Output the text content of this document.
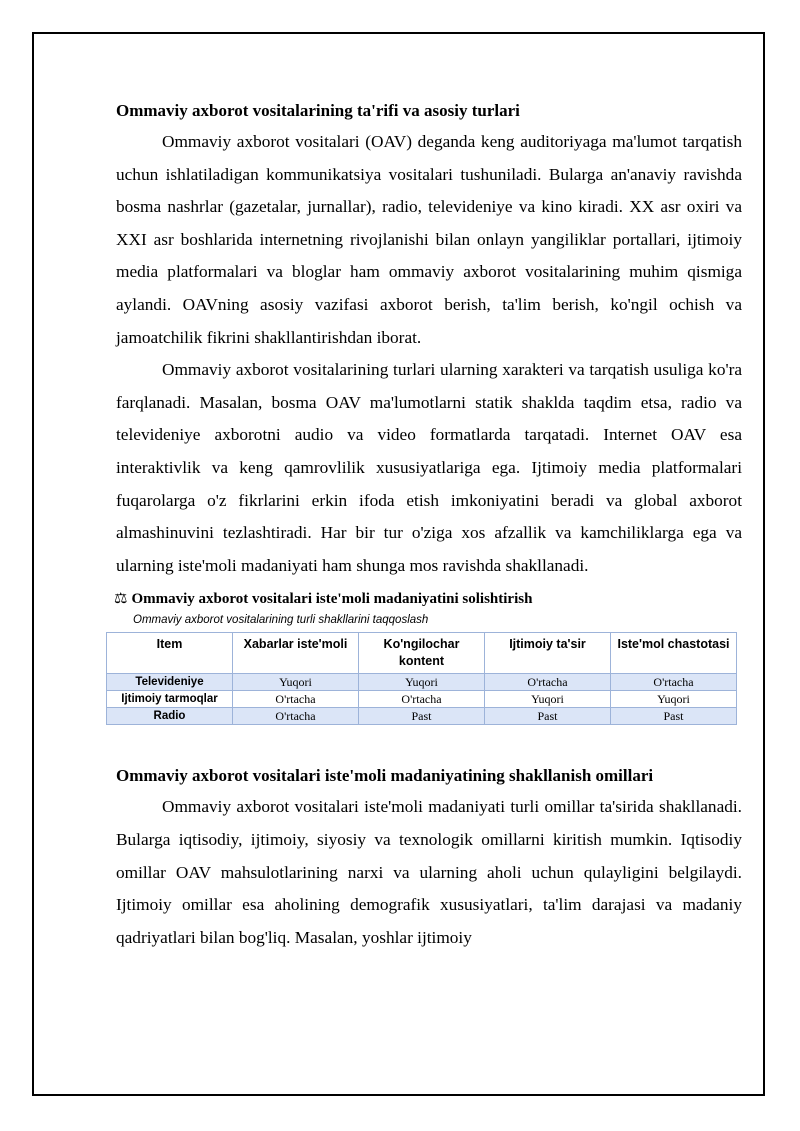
Ommaviy axborot vositalarining ta'rifi va asosiy turlari

Ommaviy axborot vositalari (OAV) deganda keng auditoriyaga ma'lumot tarqatish uchun ishlatiladigan kommunikatsiya vositalari tushuniladi. Bularga an'anaviy ravishda bosma nashrlar (gazetalar, jurnallar), radio, televideniye va kino kiradi. XX asr oxiri va XXI asr boshlarida internetning rivojlanishi bilan onlayn yangiliklar portallari, ijtimoiy media platformalari va bloglar ham ommaviy axborot vositalarining muhim qismiga aylandi. OAVning asosiy vazifasi axborot berish, ta'lim berish, ko'ngil ochish va jamoatchilik fikrini shakllantirishdan iborat.

Ommaviy axborot vositalarining turlari ularning xarakteri va tarqatish usuliga ko'ra farqlanadi. Masalan, bosma OAV ma'lumotlarni statik shaklda taqdim etsa, radio va televideniye axborotni audio va video formatlarda tarqatadi. Internet OAV esa interaktivlik va keng qamrovlilik xususiyatlariga ega. Ijtimoiy media platformalari fuqarolarga o'z fikrlarini erkin ifoda etish imkoniyatini beradi va global axborot almashinuvini tezlashtiradi. Har bir tur o'ziga xos afzallik va kamchiliklarga ega va ularning iste'moli madaniyati ham shunga mos ravishda shakllanadi.

⚖ Ommaviy axborot vositalari iste'moli madaniyatini solishtirish
Ommaviy axborot vositalarining turli shakllarini taqqoslash
Item	Xabarlar iste'moli	Ko'ngilochar kontent	Ijtimoiy ta'sir	Iste'mol chastotasi
Televideniye	Yuqori	Yuqori	O'rtacha	O'rtacha
Ijtimoiy tarmoqlar	O'rtacha	O'rtacha	Yuqori	Yuqori
Radio	O'rtacha	Past	Past	Past
Ommaviy axborot vositalari iste'moli madaniyatining shakllanish omillari

Ommaviy axborot vositalari iste'moli madaniyati turli omillar ta'sirida shakllanadi. Bularga iqtisodiy, ijtimoiy, siyosiy va texnologik omillarni kiritish mumkin. Iqtisodiy omillar OAV mahsulotlarining narxi va ularning aholi uchun qulayligini belgilaydi. Ijtimoiy omillar esa aholining demografik xususiyatlari, ta'lim darajasi va madaniy qadriyatlari bilan bog'liq. Masalan, yoshlar ijtimoiy
